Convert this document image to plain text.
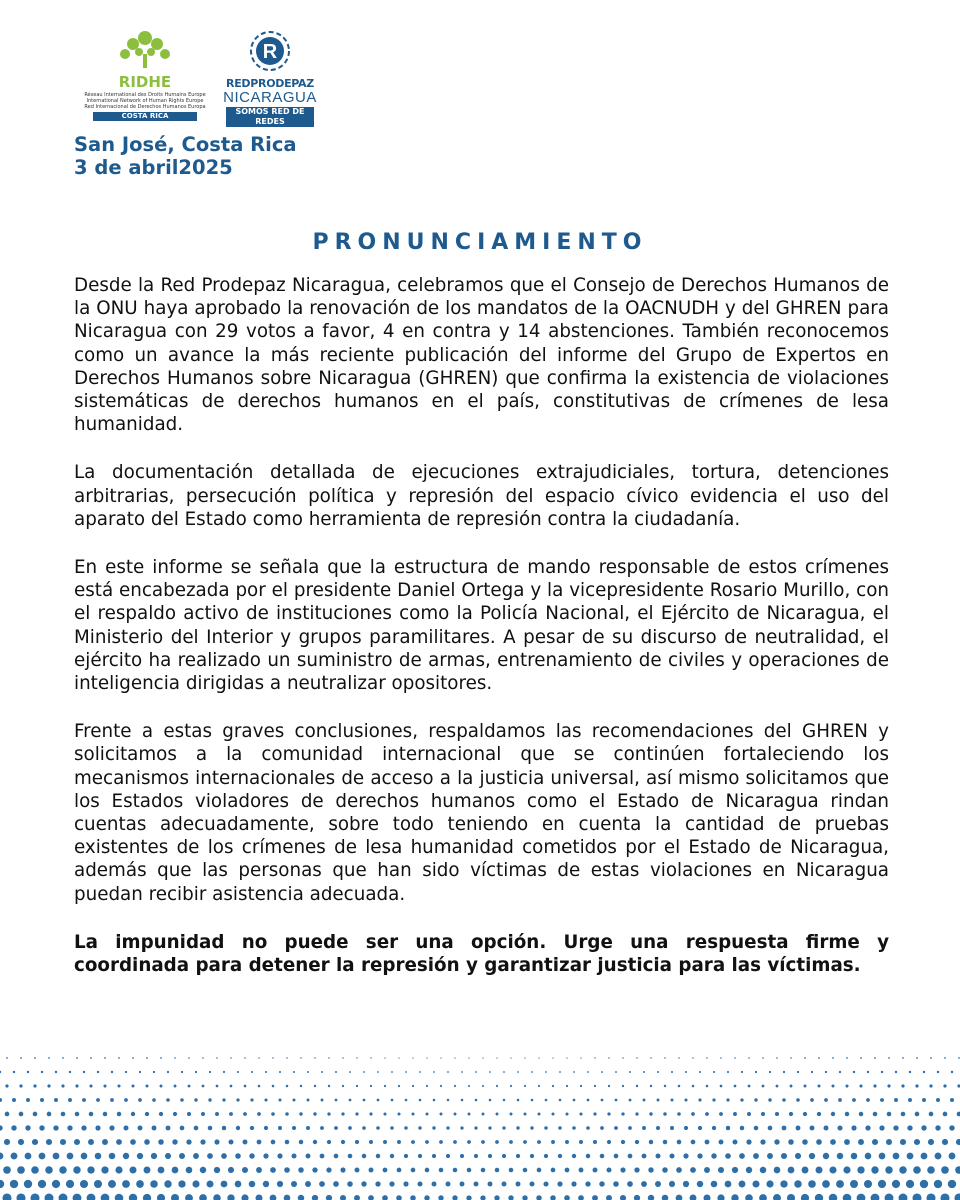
RIDHE
Réseau International des Droits Humains Europe
International Network of Human Rights Europe
Red Internacional de Derechos Humanos Europa
COSTA RICA
R
REDPRODEPAZ
NICARAGUA
SOMOS RED DE REDES
San José, Costa Rica
3 de abril2025
PRONUNCIAMIENTO

Desde la Red Prodepaz Nicaragua, celebramos que el Consejo de Derechos Humanos de la ONU haya aprobado la renovación de los mandatos de la OACNUDH y del GHREN para Nicaragua con 29 votos a favor, 4 en contra y 14 abstenciones. También reconocemos como un avance la más reciente publicación del informe del Grupo de Expertos en Derechos Humanos sobre Nicaragua (GHREN) que confirma la existencia de violaciones sistemáticas de derechos humanos en el país, constitutivas de crímenes de lesa humanidad.

La documentación detallada de ejecuciones extrajudiciales, tortura, detenciones arbitrarias, persecución política y represión del espacio cívico evidencia el uso del aparato del Estado como herramienta de represión contra la ciudadanía.

En este informe se señala que la estructura de mando responsable de estos crímenes está encabezada por el presidente Daniel Ortega y la vicepresidente Rosario Murillo, con el respaldo activo de instituciones como la Policía Nacional, el Ejército de Nicaragua, el Ministerio del Interior y grupos paramilitares. A pesar de su discurso de neutralidad, el ejército ha realizado un suministro de armas, entrenamiento de civiles y operaciones de inteligencia dirigidas a neutralizar opositores.

Frente a estas graves conclusiones, respaldamos las recomendaciones del GHREN y solicitamos a la comunidad internacional que se continúen fortaleciendo los mecanismos internacionales de acceso a la justicia universal, así mismo solicitamos que los Estados violadores de derechos humanos como el Estado de Nicaragua rindan cuentas adecuadamente, sobre todo teniendo en cuenta la cantidad de pruebas existentes de los crímenes de lesa humanidad cometidos por el Estado de Nicaragua, además que las personas que han sido víctimas de estas violaciones en Nicaragua puedan recibir asistencia adecuada.

La impunidad no puede ser una opción. Urge una respuesta firme y coordinada para detener la represión y garantizar justicia para las víctimas.
